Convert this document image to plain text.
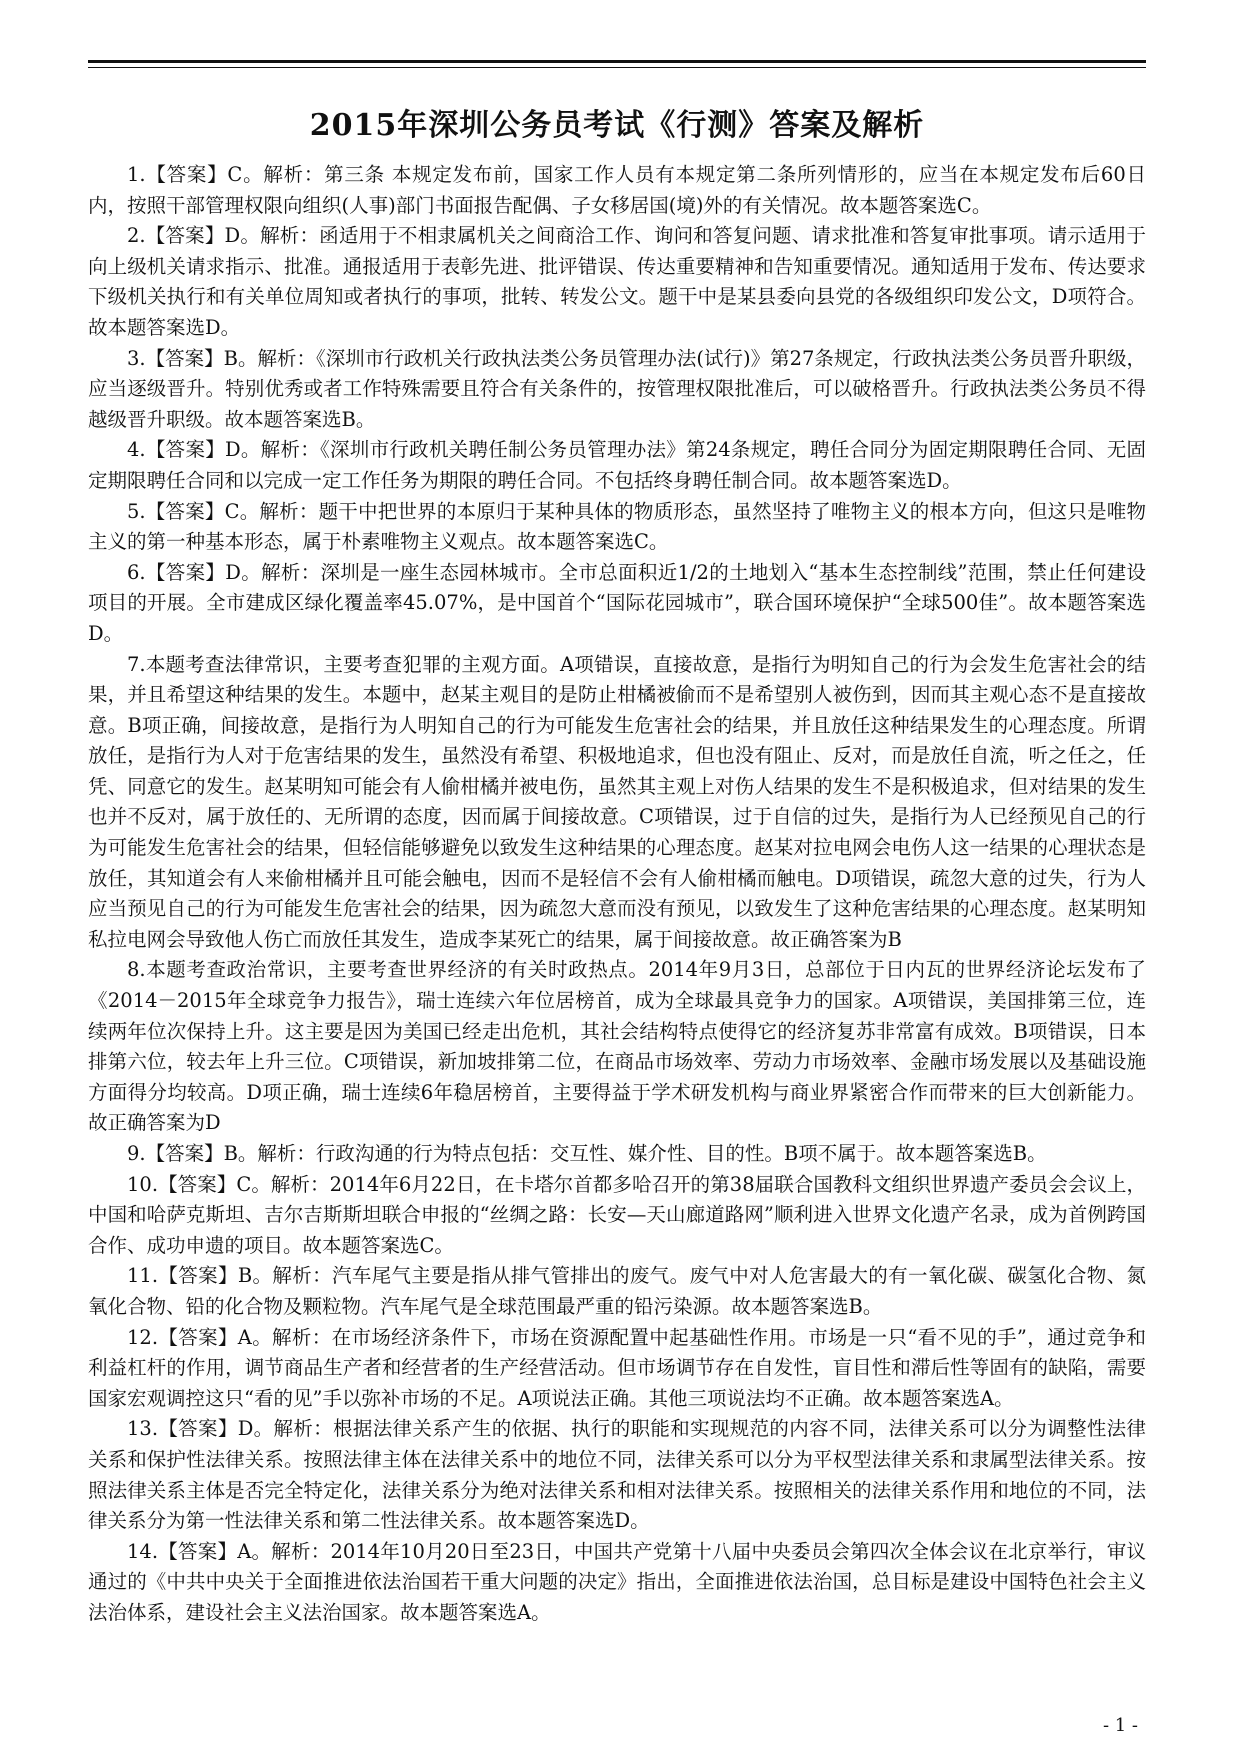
2015年深圳公务员考试《行测》答案及解析

1.【答案】C。解析：第三条 本规定发布前，国家工作人员有本规定第二条所列情形的，应当在本规定发布后60日内，按照干部管理权限向组织(人事)部门书面报告配偶、子女移居国(境)外的有关情况。故本题答案选C。

2.【答案】D。解析：函适用于不相隶属机关之间商洽工作、询问和答复问题、请求批准和答复审批事项。请示适用于向上级机关请求指示、批准。通报适用于表彰先进、批评错误、传达重要精神和告知重要情况。通知适用于发布、传达要求下级机关执行和有关单位周知或者执行的事项，批转、转发公文。题干中是某县委向县党的各级组织印发公文，D项符合。故本题答案选D。

3.【答案】B。解析：《深圳市行政机关行政执法类公务员管理办法(试行)》第27条规定，行政执法类公务员晋升职级，应当逐级晋升。特别优秀或者工作特殊需要且符合有关条件的，按管理权限批准后，可以破格晋升。行政执法类公务员不得越级晋升职级。故本题答案选B。

4.【答案】D。解析：《深圳市行政机关聘任制公务员管理办法》第24条规定，聘任合同分为固定期限聘任合同、无固定期限聘任合同和以完成一定工作任务为期限的聘任合同。不包括终身聘任制合同。故本题答案选D。

5.【答案】C。解析：题干中把世界的本原归于某种具体的物质形态，虽然坚持了唯物主义的根本方向，但这只是唯物主义的第一种基本形态，属于朴素唯物主义观点。故本题答案选C。

6.【答案】D。解析：深圳是一座生态园林城市。全市总面积近1/2的土地划入“基本生态控制线”范围，禁止任何建设项目的开展。全市建成区绿化覆盖率45.07%，是中国首个“国际花园城市”，联合国环境保护“全球500佳”。故本题答案选D。

7.本题考查法律常识，主要考查犯罪的主观方面。A项错误，直接故意，是指行为明知自己的行为会发生危害社会的结果，并且希望这种结果的发生。本题中，赵某主观目的是防止柑橘被偷而不是希望别人被伤到，因而其主观心态不是直接故意。B项正确，间接故意，是指行为人明知自己的行为可能发生危害社会的结果，并且放任这种结果发生的心理态度。所谓放任，是指行为人对于危害结果的发生，虽然没有希望、积极地追求，但也没有阻止、反对，而是放任自流，听之任之，任凭、同意它的发生。赵某明知可能会有人偷柑橘并被电伤，虽然其主观上对伤人结果的发生不是积极追求，但对结果的发生也并不反对，属于放任的、无所谓的态度，因而属于间接故意。C项错误，过于自信的过失，是指行为人已经预见自己的行为可能发生危害社会的结果，但轻信能够避免以致发生这种结果的心理态度。赵某对拉电网会电伤人这一结果的心理状态是放任，其知道会有人来偷柑橘并且可能会触电，因而不是轻信不会有人偷柑橘而触电。D项错误，疏忽大意的过失，行为人应当预见自己的行为可能发生危害社会的结果，因为疏忽大意而没有预见，以致发生了这种危害结果的心理态度。赵某明知私拉电网会导致他人伤亡而放任其发生，造成李某死亡的结果，属于间接故意。故正确答案为B

8.本题考查政治常识，主要考查世界经济的有关时政热点。2014年9月3日，总部位于日内瓦的世界经济论坛发布了《2014－2015年全球竞争力报告》，瑞士连续六年位居榜首，成为全球最具竞争力的国家。A项错误，美国排第三位，连续两年位次保持上升。这主要是因为美国已经走出危机，其社会结构特点使得它的经济复苏非常富有成效。B项错误，日本排第六位，较去年上升三位。C项错误，新加坡排第二位，在商品市场效率、劳动力市场效率、金融市场发展以及基础设施方面得分均较高。D项正确，瑞士连续6年稳居榜首，主要得益于学术研发机构与商业界紧密合作而带来的巨大创新能力。故正确答案为D

9.【答案】B。解析：行政沟通的行为特点包括：交互性、媒介性、目的性。B项不属于。故本题答案选B。

10.【答案】C。解析：2014年6月22日，在卡塔尔首都多哈召开的第38届联合国教科文组织世界遗产委员会会议上，中国和哈萨克斯坦、吉尔吉斯斯坦联合申报的“丝绸之路：长安—天山廊道路网”顺利进入世界文化遗产名录，成为首例跨国合作、成功申遗的项目。故本题答案选C。

11.【答案】B。解析：汽车尾气主要是指从排气管排出的废气。废气中对人危害最大的有一氧化碳、碳氢化合物、氮氧化合物、铅的化合物及颗粒物。汽车尾气是全球范围最严重的铅污染源。故本题答案选B。

12.【答案】A。解析：在市场经济条件下，市场在资源配置中起基础性作用。市场是一只“看不见的手”，通过竞争和利益杠杆的作用，调节商品生产者和经营者的生产经营活动。但市场调节存在自发性，盲目性和滞后性等固有的缺陷，需要国家宏观调控这只“看的见”手以弥补市场的不足。A项说法正确。其他三项说法均不正确。故本题答案选A。

13.【答案】D。解析：根据法律关系产生的依据、执行的职能和实现规范的内容不同，法律关系可以分为调整性法律关系和保护性法律关系。按照法律主体在法律关系中的地位不同，法律关系可以分为平权型法律关系和隶属型法律关系。按照法律关系主体是否完全特定化，法律关系分为绝对法律关系和相对法律关系。按照相关的法律关系作用和地位的不同，法律关系分为第一性法律关系和第二性法律关系。故本题答案选D。

14.【答案】A。解析：2014年10月20日至23日，中国共产党第十八届中央委员会第四次全体会议在北京举行，审议通过的《中共中央关于全面推进依法治国若干重大问题的决定》指出，全面推进依法治国，总目标是建设中国特色社会主义法治体系，建设社会主义法治国家。故本题答案选A。

- 1 -
